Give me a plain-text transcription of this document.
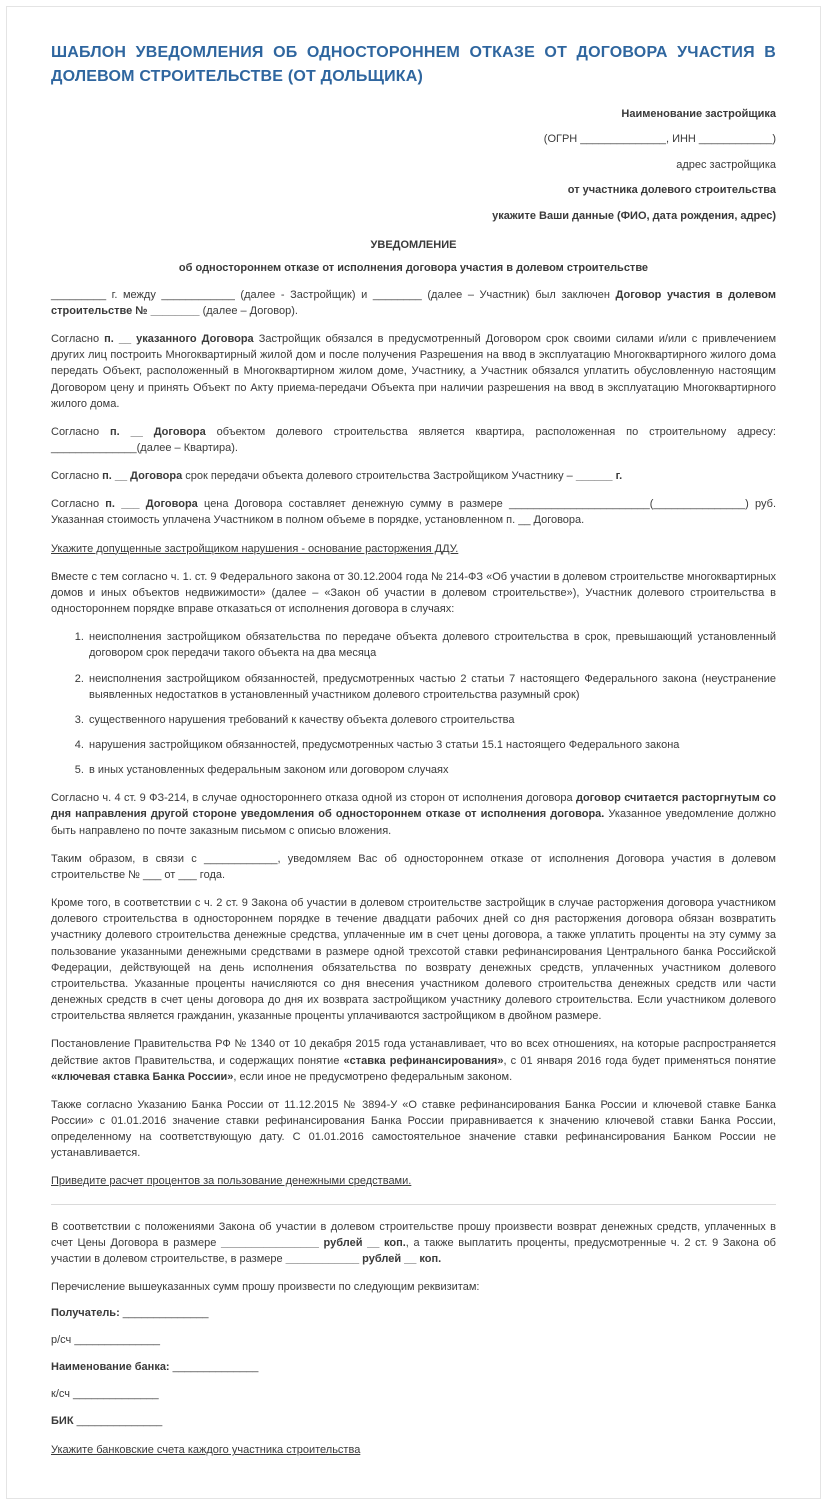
ШАБЛОН УВЕДОМЛЕНИЯ ОБ ОДНОСТОРОННЕМ ОТКАЗЕ ОТ ДОГОВОРА УЧАСТИЯ В ДОЛЕВОМ СТРОИТЕЛЬСТВЕ (ОТ ДОЛЬЩИКА)
Наименование застройщика
(ОГРН ______________, ИНН ____________)
адрес застройщика
от участника долевого строительства
укажите Ваши данные (ФИО, дата рождения, адрес)
УВЕДОМЛЕНИЕ
об одностороннем отказе от исполнения договора участия в долевом строительстве

_________ г. между ____________ (далее - Застройщик) и ________ (далее – Участник) был заключен Договор участия в долевом строительстве № ________ (далее – Договор).

Согласно п. __ указанного Договора Застройщик обязался в предусмотренный Договором срок своими силами и/или с привлечением других лиц построить Многоквартирный жилой дом и после получения Разрешения на ввод в эксплуатацию Многоквартирного жилого дома передать Объект, расположенный в Многоквартирном жилом доме, Участнику, а Участник обязался уплатить обусловленную настоящим Договором цену и принять Объект по Акту приема-передачи Объекта при наличии разрешения на ввод в эксплуатацию Многоквартирного жилого дома.

Согласно п. __ Договора объектом долевого строительства является квартира, расположенная по строительному адресу: ______________(далее – Квартира).

Согласно п. __ Договора срок передачи объекта долевого строительства Застройщиком Участнику – ______ г.

Согласно п. ___ Договора цена Договора составляет денежную сумму в размере _______________________(_______________) руб. Указанная стоимость уплачена Участником в полном объеме в порядке, установленном п. __ Договора.

Укажите допущенные застройщиком нарушения - основание расторжения ДДУ.

Вместе с тем согласно ч. 1. ст. 9 Федерального закона от 30.12.2004 года № 214-ФЗ «Об участии в долевом строительстве многоквартирных домов и иных объектов недвижимости» (далее – «Закон об участии в долевом строительстве»), Участник долевого строительства в одностороннем порядке вправе отказаться от исполнения договора в случаях:

1. неисполнения застройщиком обязательства по передаче объекта долевого строительства в срок, превышающий установленный договором срок передачи такого объекта на два месяца
2. неисполнения застройщиком обязанностей, предусмотренных частью 2 статьи 7 настоящего Федерального закона (неустранение выявленных недостатков в установленный участником долевого строительства разумный срок)
3. существенного нарушения требований к качеству объекта долевого строительства
4. нарушения застройщиком обязанностей, предусмотренных частью 3 статьи 15.1 настоящего Федерального закона
5. в иных установленных федеральным законом или договором случаях

Согласно ч. 4 ст. 9 ФЗ-214, в случае одностороннего отказа одной из сторон от исполнения договора договор считается расторгнутым со дня направления другой стороне уведомления об одностороннем отказе от исполнения договора. Указанное уведомление должно быть направлено по почте заказным письмом с описью вложения.

Таким образом, в связи с ____________, уведомляем Вас об одностороннем отказе от исполнения Договора участия в долевом строительстве № ___ от ___ года.

Кроме того, в соответствии с ч. 2 ст. 9 Закона об участии в долевом строительстве застройщик в случае расторжения договора участником долевого строительства в одностороннем порядке в течение двадцати рабочих дней со дня расторжения договора обязан возвратить участнику долевого строительства денежные средства, уплаченные им в счет цены договора, а также уплатить проценты на эту сумму за пользование указанными денежными средствами в размере одной трехсотой ставки рефинансирования Центрального банка Российской Федерации, действующей на день исполнения обязательства по возврату денежных средств, уплаченных участником долевого строительства. Указанные проценты начисляются со дня внесения участником долевого строительства денежных средств или части денежных средств в счет цены договора до дня их возврата застройщиком участнику долевого строительства. Если участником долевого строительства является гражданин, указанные проценты уплачиваются застройщиком в двойном размере.

Постановление Правительства РФ № 1340 от 10 декабря 2015 года устанавливает, что во всех отношениях, на которые распространяется действие актов Правительства, и содержащих понятие «ставка рефинансирования», с 01 января 2016 года будет применяться понятие «ключевая ставка Банка России», если иное не предусмотрено федеральным законом.

Также согласно Указанию Банка России от 11.12.2015 № 3894-У «О ставке рефинансирования Банка России и ключевой ставке Банка России» с 01.01.2016 значение ставки рефинансирования Банка России приравнивается к значению ключевой ставки Банка России, определенному на соответствующую дату. С 01.01.2016 самостоятельное значение ставки рефинансирования Банком России не устанавливается.

Приведите расчет процентов за пользование денежными средствами.

В соответствии с положениями Закона об участии в долевом строительстве прошу произвести возврат денежных средств, уплаченных в счет Цены Договора в размере ________________ рублей __ коп., а также выплатить проценты, предусмотренные ч. 2 ст. 9 Закона об участии в долевом строительстве, в размере ____________ рублей __ коп.

Перечисление вышеуказанных сумм прошу произвести по следующим реквизитам:

Получатель: ______________
р/сч ______________
Наименование банка: ______________
к/сч ______________
БИК ______________

Укажите банковские счета каждого участника строительства
